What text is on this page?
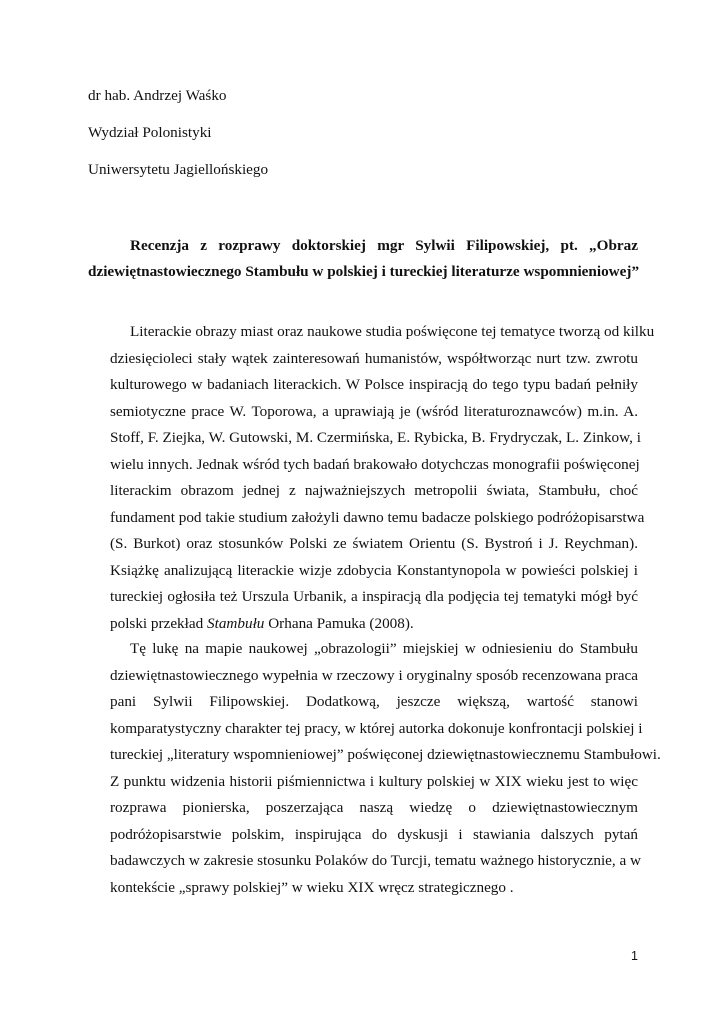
dr hab. Andrzej Waśko

Wydział Polonistyki

Uniwersytetu Jagiellońskiego

Recenzja z rozprawy doktorskiej mgr Sylwii Filipowskiej, pt. „Obraz
dziewiętnastowiecznego Stambułu w polskiej i tureckiej literaturze wspomnieniowej”

Literackie obrazy miast oraz naukowe studia poświęcone tej tematyce tworzą od kilku
dziesięcioleci stały wątek zainteresowań humanistów, współtworząc nurt tzw. zwrotu
kulturowego w badaniach literackich. W Polsce inspiracją do tego typu badań pełniły
semiotyczne prace W. Toporowa, a uprawiają je (wśród literaturoznawców) m.in. A.
Stoff, F. Ziejka, W. Gutowski, M. Czermińska, E. Rybicka, B. Frydryczak, L. Zinkow, i
wielu innych. Jednak wśród tych badań brakowało dotychczas monografii poświęconej
literackim obrazom jednej z najważniejszych metropolii świata, Stambułu, choć
fundament pod takie studium założyli dawno temu badacze polskiego podróżopisarstwa
(S. Burkot) oraz stosunków Polski ze światem Orientu (S. Bystroń i J. Reychman).
Książkę analizującą literackie wizje zdobycia Konstantynopola w powieści polskiej i
tureckiej ogłosiła też Urszula Urbanik, a inspiracją dla podjęcia tej tematyki mógł być
polski przekład Stambułu Orhana Pamuka (2008).

Tę lukę na mapie naukowej „obrazologii” miejskiej w odniesieniu do Stambułu
dziewiętnastowiecznego wypełnia w rzeczowy i oryginalny sposób recenzowana praca
pani Sylwii Filipowskiej. Dodatkową, jeszcze większą, wartość stanowi
komparatystyczny charakter tej pracy, w której autorka dokonuje konfrontacji polskiej i
tureckiej „literatury wspomnieniowej” poświęconej dziewiętnastowiecznemu Stambułowi.
Z punktu widzenia historii piśmiennictwa i kultury polskiej w XIX wieku jest to więc
rozprawa pionierska, poszerzająca naszą wiedzę o dziewiętnastowiecznym
podróżopisarstwie polskim, inspirująca do dyskusji i stawiania dalszych pytań
badawczych w zakresie stosunku Polaków do Turcji, tematu ważnego historycznie, a w
kontekście „sprawy polskiej” w wieku XIX wręcz strategicznego .

1
